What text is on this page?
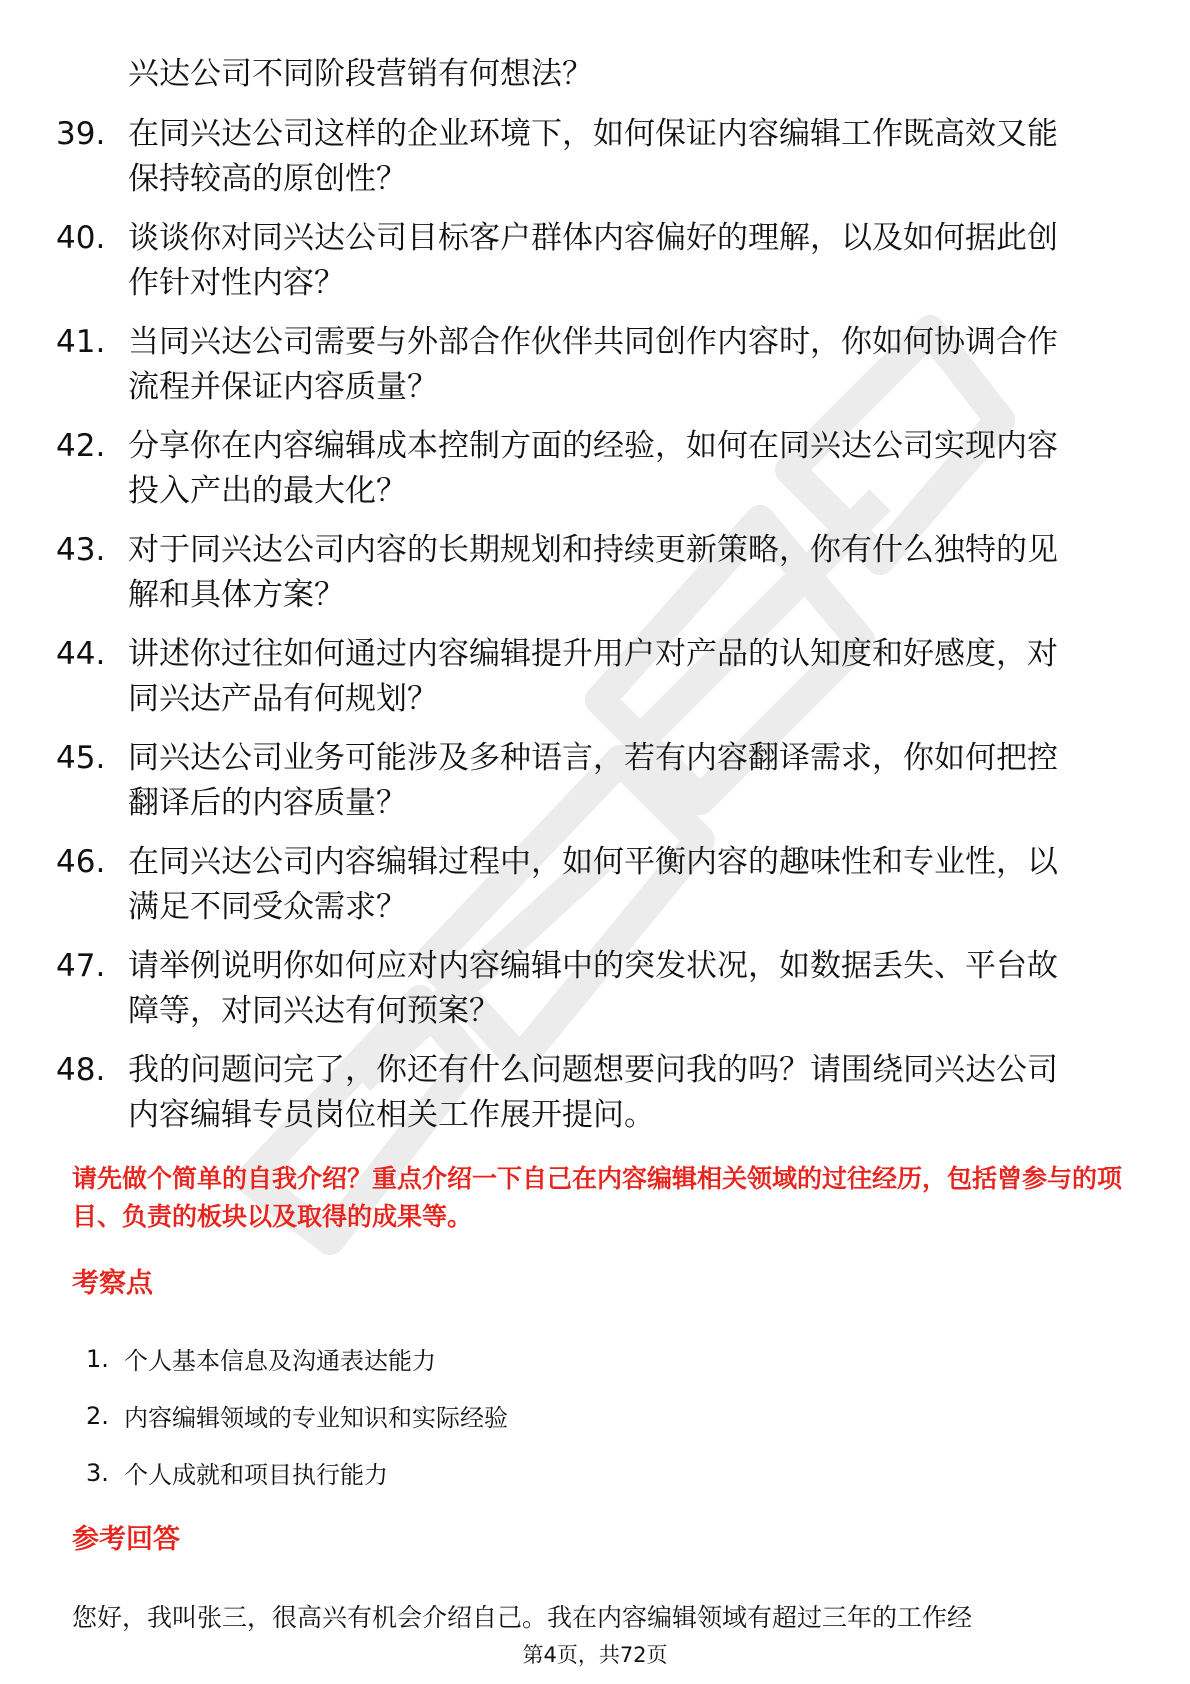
兴达公司不同阶段营销有何想法？
39. 在同兴达公司这样的企业环境下，如何保证内容编辑工作既高效又能保持较高的原创性？
40. 谈谈你对同兴达公司目标客户群体内容偏好的理解，以及如何据此创作针对性内容？
41. 当同兴达公司需要与外部合作伙伴共同创作内容时，你如何协调合作流程并保证内容质量？
42. 分享你在内容编辑成本控制方面的经验，如何在同兴达公司实现内容投入产出的最大化？
43. 对于同兴达公司内容的长期规划和持续更新策略，你有什么独特的见解和具体方案？
44. 讲述你过往如何通过内容编辑提升用户对产品的认知度和好感度，对同兴达产品有何规划？
45. 同兴达公司业务可能涉及多种语言，若有内容翻译需求，你如何把控翻译后的内容质量？
46. 在同兴达公司内容编辑过程中，如何平衡内容的趣味性和专业性，以满足不同受众需求？
47. 请举例说明你如何应对内容编辑中的突发状况，如数据丢失、平台故障等，对同兴达有何预案？
48. 我的问题问完了，你还有什么问题想要问我的吗？请围绕同兴达公司内容编辑专员岗位相关工作展开提问。
请先做个简单的自我介绍？重点介绍一下自己在内容编辑相关领域的过往经历，包括曾参与的项目、负责的板块以及取得的成果等。
考察点
1. 个人基本信息及沟通表达能力
2. 内容编辑领域的专业知识和实际经验
3. 个人成就和项目执行能力
参考回答
您好，我叫张三，很高兴有机会介绍自己。我在内容编辑领域有超过三年的工作经
第4页，共72页
